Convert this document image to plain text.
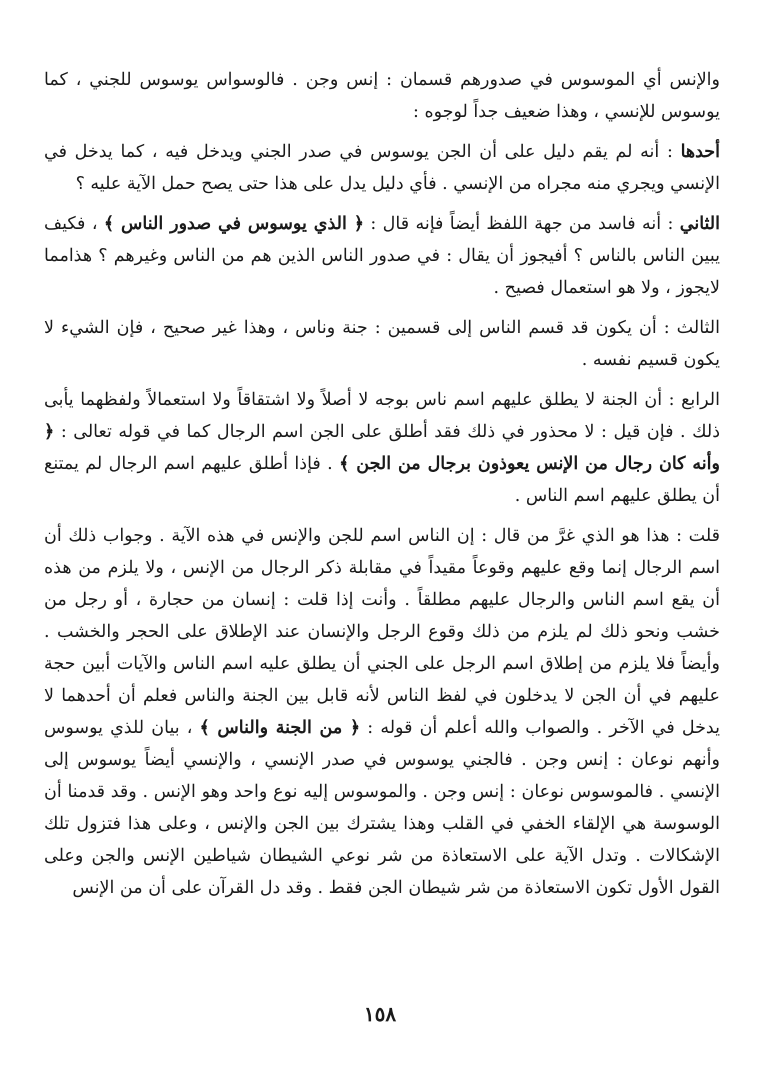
والإنس أي الموسوس في صدورهم قسمان : إنس وجن . فالوسواس يوسوس للجني ، كما يوسوس للإنسي ، وهذا ضعيف جداً لوجوه :

أحدها : أنه لم يقم دليل على أن الجن يوسوس في صدر الجني ويدخل فيه ، كما يدخل في الإنسي ويجري منه مجراه من الإنسي . فأي دليل يدل على هذا حتى يصح حمل الآية عليه ؟

الثاني : أنه فاسد من جهة اللفظ أيضاً فإنه قال : ﴿ الذي يوسوس في صدور الناس ﴾ ، فكيف يبين الناس بالناس ؟ أفيجوز أن يقال : في صدور الناس الذين هم من الناس وغيرهم ؟ هذامما لايجوز ، ولا هو استعمال فصيح .

الثالث : أن يكون قد قسم الناس إلى قسمين : جنة وناس ، وهذا غير صحيح ، فإن الشيء لا يكون قسيم نفسه .

الرابع : أن الجنة لا يطلق عليهم اسم ناس بوجه لا أصلاً ولا اشتقاقاً ولا استعمالاً ولفظهما يأبى ذلك . فإن قيل : لا محذور في ذلك فقد أطلق على الجن اسم الرجال كما في قوله تعالى : ﴿ وأنه كان رجال من الإنس يعوذون برجال من الجن ﴾ . فإذا أطلق عليهم اسم الرجال لم يمتنع أن يطلق عليهم اسم الناس .

قلت : هذا هو الذي غرَّ من قال : إن الناس اسم للجن والإنس في هذه الآية . وجواب ذلك أن اسم الرجال إنما وقع عليهم وقوعاً مقيداً في مقابلة ذكر الرجال من الإنس ، ولا يلزم من هذه أن يقع اسم الناس والرجال عليهم مطلقاً . وأنت إذا قلت : إنسان من حجارة ، أو رجل من خشب ونحو ذلك لم يلزم من ذلك وقوع الرجل والإنسان عند الإطلاق على الحجر والخشب . وأيضاً فلا يلزم من إطلاق اسم الرجل على الجني أن يطلق عليه اسم الناس والآيات أبين حجة عليهم في أن الجن لا يدخلون في لفظ الناس لأنه قابل بين الجنة والناس فعلم أن أحدهما لا يدخل في الآخر . والصواب والله أعلم أن قوله : ﴿ من الجنة والناس ﴾ ، بيان للذي يوسوس وأنهم نوعان : إنس وجن . فالجني يوسوس في صدر الإنسي ، والإنسي أيضاً يوسوس إلى الإنسي . فالموسوس نوعان : إنس وجن . والموسوس إليه نوع واحد وهو الإنس . وقد قدمنا أن الوسوسة هي الإلقاء الخفي في القلب وهذا يشترك بين الجن والإنس ، وعلى هذا فتزول تلك الإشكالات . وتدل الآية على الاستعاذة من شر نوعي الشيطان شياطين الإنس والجن وعلى القول الأول تكون الاستعاذة من شر شيطان الجن فقط . وقد دل القرآن على أن من الإنس

١٥٨
